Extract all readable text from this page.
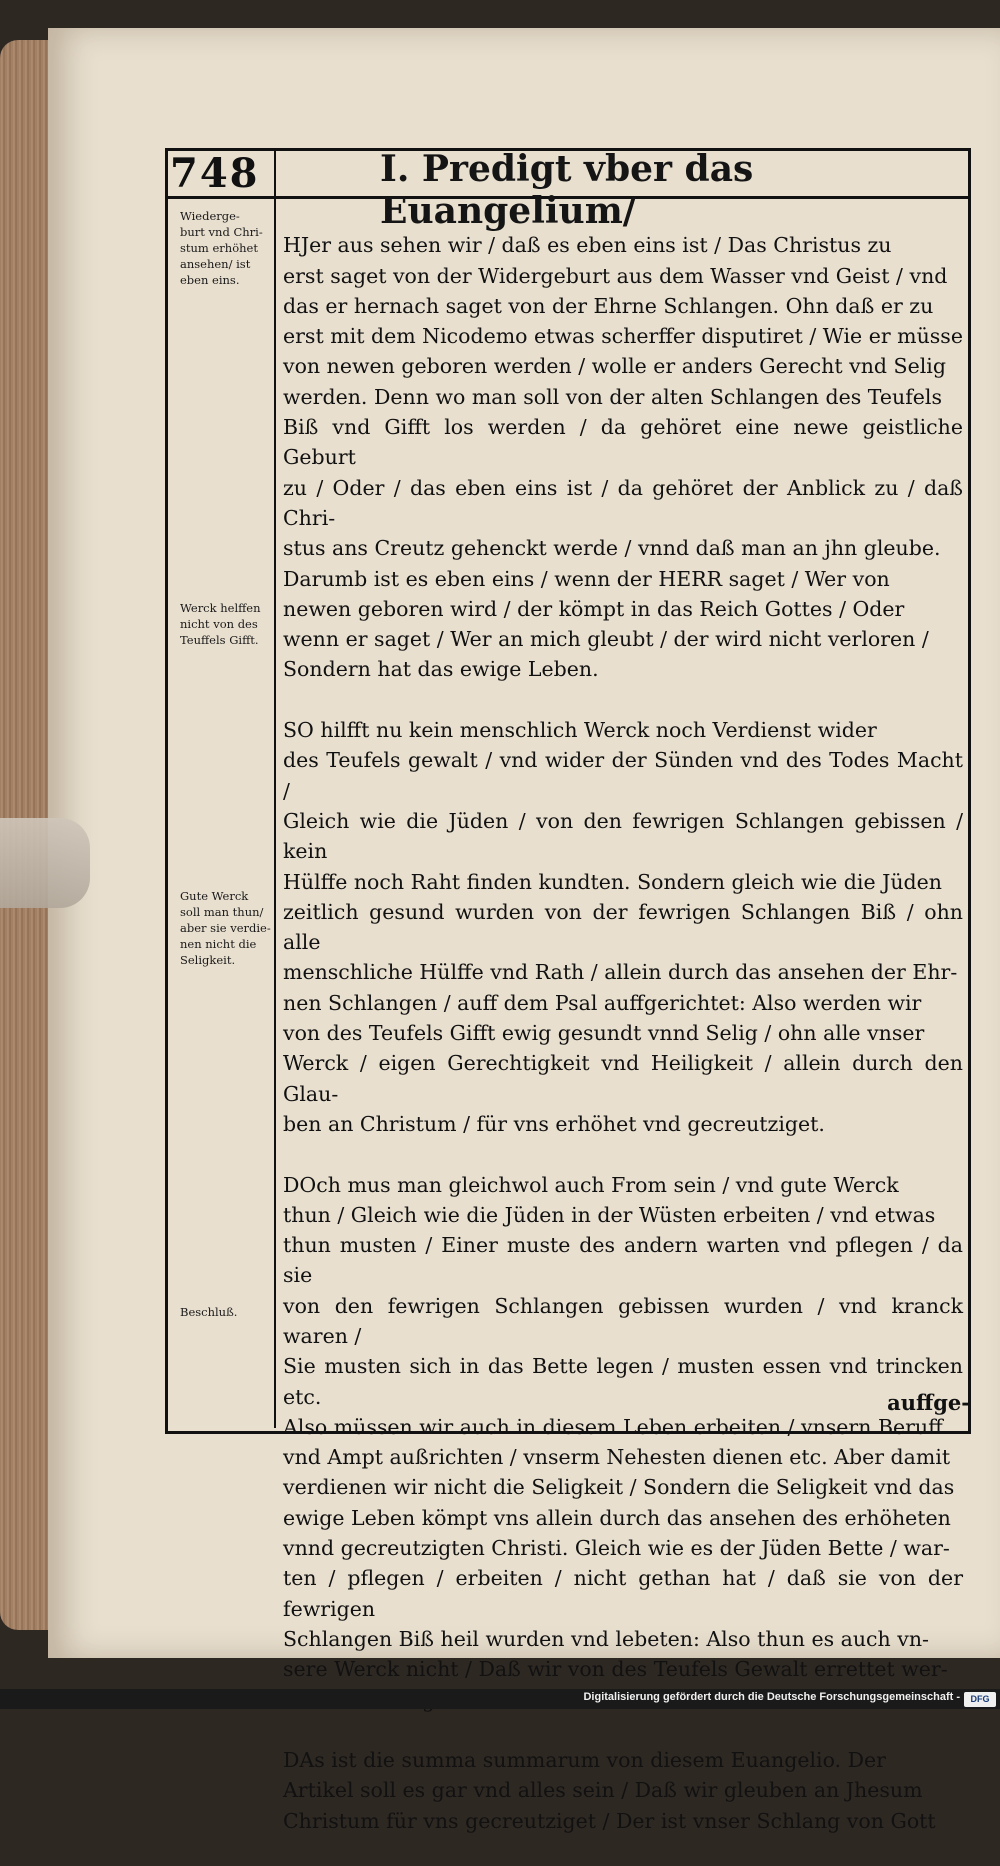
748	I. Predigt vber das Euangelium/
Wiederge-
burt vnd Chri-
stum erhöhet
ansehen/ ist
eben eins.
Werck helffen
nicht von des
Teuffels Gifft.
Gute Werck
soll man thun/
aber sie verdie-
nen nicht die
Seligkeit.
Beschluß.

HJer aus sehen wir / daß es eben eins ist / Das Christus zu
erst saget von der Widergeburt aus dem Wasser vnd Geist / vnd
das er hernach saget von der Ehrne Schlangen. Ohn daß er zu
erst mit dem Nicodemo etwas scherffer disputiret / Wie er müsse
von newen geboren werden / wolle er anders Gerecht vnd Selig
werden. Denn wo man soll von der alten Schlangen des Teufels
Biß vnd Gifft los werden / da gehöret eine newe geistliche Geburt
zu / Oder / das eben eins ist / da gehöret der Anblick zu / daß Chri-
stus ans Creutz gehenckt werde / vnnd daß man an jhn gleube.
Darumb ist es eben eins / wenn der HERR saget / Wer von
newen geboren wird / der kömpt in das Reich Gottes / Oder
wenn er saget / Wer an mich gleubt / der wird nicht verloren /
Sondern hat das ewige Leben.

SO hilfft nu kein menschlich Werck noch Verdienst wider
des Teufels gewalt / vnd wider der Sünden vnd des Todes Macht /
Gleich wie die Jüden / von den fewrigen Schlangen gebissen / kein
Hülffe noch Raht finden kundten. Sondern gleich wie die Jüden
zeitlich gesund wurden von der fewrigen Schlangen Biß / ohn alle
menschliche Hülffe vnd Rath / allein durch das ansehen der Ehr-
nen Schlangen / auff dem Psal auffgerichtet: Also werden wir
von des Teufels Gifft ewig gesundt vnnd Selig / ohn alle vnser
Werck / eigen Gerechtigkeit vnd Heiligkeit / allein durch den Glau-
ben an Christum / für vns erhöhet vnd gecreutziget.

DOch mus man gleichwol auch From sein / vnd gute Werck
thun / Gleich wie die Jüden in der Wüsten erbeiten / vnd etwas
thun musten / Einer muste des andern warten vnd pflegen / da sie
von den fewrigen Schlangen gebissen wurden / vnd kranck waren /
Sie musten sich in das Bette legen / musten essen vnd trincken etc.
Also müssen wir auch in diesem Leben erbeiten / vnsern Beruff
vnd Ampt außrichten / vnserm Nehesten dienen etc. Aber damit
verdienen wir nicht die Seligkeit / Sondern die Seligkeit vnd das
ewige Leben kömpt vns allein durch das ansehen des erhöheten
vnnd gecreutzigten Christi. Gleich wie es der Jüden Bette / war-
ten / pflegen / erbeiten / nicht gethan hat / daß sie von der fewrigen
Schlangen Biß heil wurden vnd lebeten: Also thun es auch vn-
sere Werck nicht / Daß wir von des Teufels Gewalt errettet wer-

DAs ist die summa summarum von diesem Euangelio. Der
Artikel soll es gar vnd alles sein / Daß wir gleuben an Jhesum
Christum für vns gecreutziget / Der ist vnser Schlang von Gott

auffge-
Digitalisierung gefördert durch die Deutsche Forschungsgemeinschaft -	DFG
